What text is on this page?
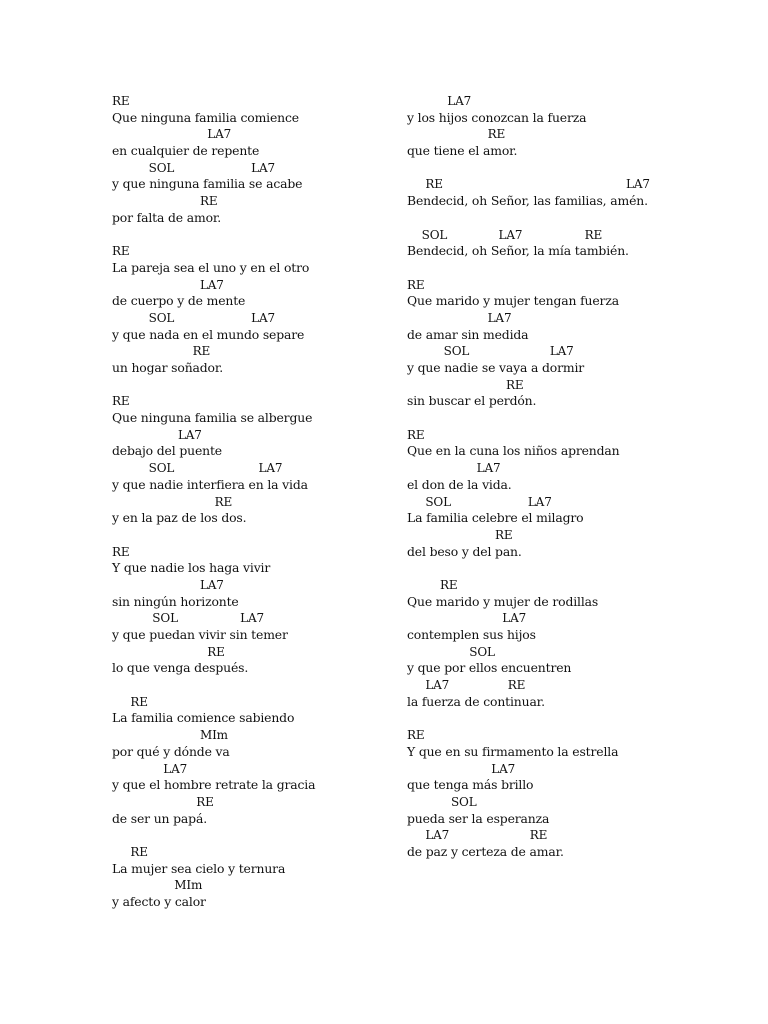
RE
Que ninguna familia comience
LA7
en cualquier de repente
SOL                     LA7
y que ninguna familia se acabe
RE
por falta de amor.
RE
La pareja sea el uno y en el otro
LA7
de cuerpo y de mente
SOL                     LA7
y que nada en el mundo separe
RE
un hogar soñador.
RE
Que ninguna familia se albergue
LA7
debajo del puente
SOL                       LA7
y que nadie interfiera en la vida
RE
y en la paz de los dos.
RE
Y que nadie los haga vivir
LA7
sin ningún horizonte
SOL                 LA7
y que puedan vivir sin temer
RE
lo que venga después.
RE
La familia comience sabiendo
MIm
por qué y dónde va
LA7
y que el hombre retrate la gracia
RE
de ser un papá.
RE
La mujer sea cielo y ternura
MIm
y afecto y calor
LA7
y los hijos conozcan la fuerza
RE
que tiene el amor.
RE                                                  LA7
Bendecid, oh Señor, las familias, amén.
SOL              LA7                 RE
Bendecid, oh Señor, la mía también.
RE
Que marido y mujer tengan fuerza
LA7
de amar sin medida
SOL                      LA7
y que nadie se vaya a dormir
RE
sin buscar el perdón.
RE
Que en la cuna los niños aprendan
LA7
el don de la vida.
SOL                     LA7
La familia celebre el milagro
RE
del beso y del pan.
RE
Que marido y mujer de rodillas
LA7
contemplen sus hijos
SOL
y que por ellos encuentren
LA7                RE
la fuerza de continuar.
RE
Y que en su firmamento la estrella
LA7
que tenga más brillo
SOL
pueda ser la esperanza
LA7                      RE
de paz y certeza de amar.
